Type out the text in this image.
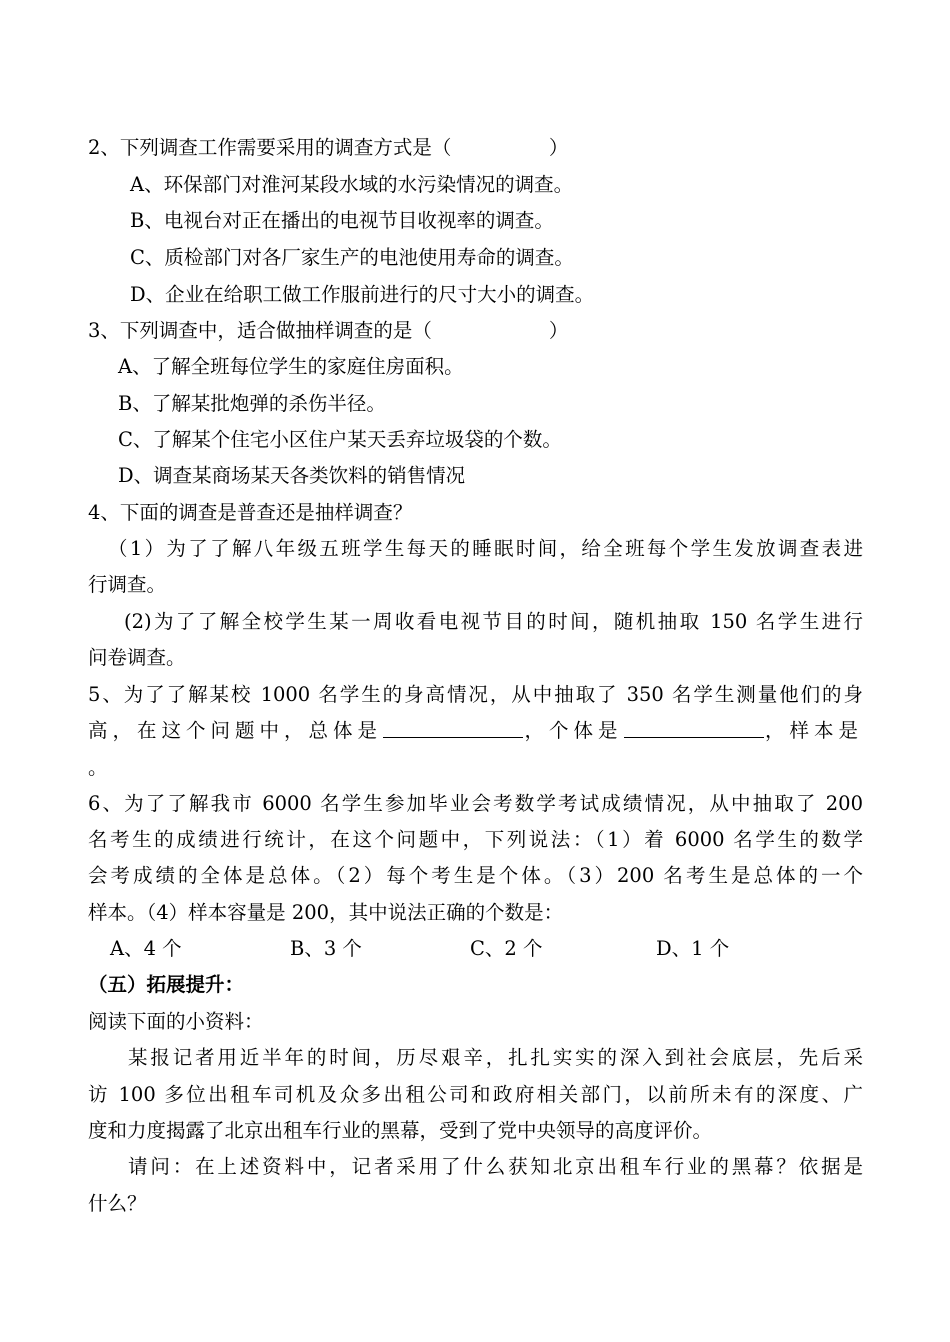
2、下列调查工作需要采用的调查方式是（　　　　　）
A、环保部门对淮河某段水域的水污染情况的调查。
B、电视台对正在播出的电视节目收视率的调查。
C、质检部门对各厂家生产的电池使用寿命的调查。
D、企业在给职工做工作服前进行的尺寸大小的调查。
3、下列调查中，适合做抽样调查的是（　　　　　　）
A、了解全班每位学生的家庭住房面积。
B、了解某批炮弹的杀伤半径。
C、了解某个住宅小区住户某天丢弃垃圾袋的个数。
D、调查某商场某天各类饮料的销售情况
4、下面的调查是普查还是抽样调查？
（1）为了了解八年级五班学生每天的睡眠时间，给全班每个学生发放调查表进
行调查。
(2)为了了解全校学生某一周收看电视节目的时间，随机抽取 150 名学生进行
问卷调查。
5、为了了解某校 1000 名学生的身高情况，从中抽取了 350 名学生测量他们的身
高，在这个问题中，总体是	，个体是	，样本是
。
6、为了了解我市 6000 名学生参加毕业会考数学考试成绩情况，从中抽取了 200
名考生的成绩进行统计，在这个问题中，下列说法：（1）着 6000 名学生的数学
会考成绩的全体是总体。（2）每个考生是个体。（3）200 名考生是总体的一个
样本。（4）样本容量是 200，其中说法正确的个数是：
A、4 个	B、3 个	C、2 个	D、1 个
（五）拓展提升：
阅读下面的小资料：
某报记者用近半年的时间，历尽艰辛，扎扎实实的深入到社会底层，先后采
访 100 多位出租车司机及众多出租公司和政府相关部门，以前所未有的深度、广
度和力度揭露了北京出租车行业的黑幕，受到了党中央领导的高度评价。
请问：在上述资料中，记者采用了什么获知北京出租车行业的黑幕？依据是
什么？
